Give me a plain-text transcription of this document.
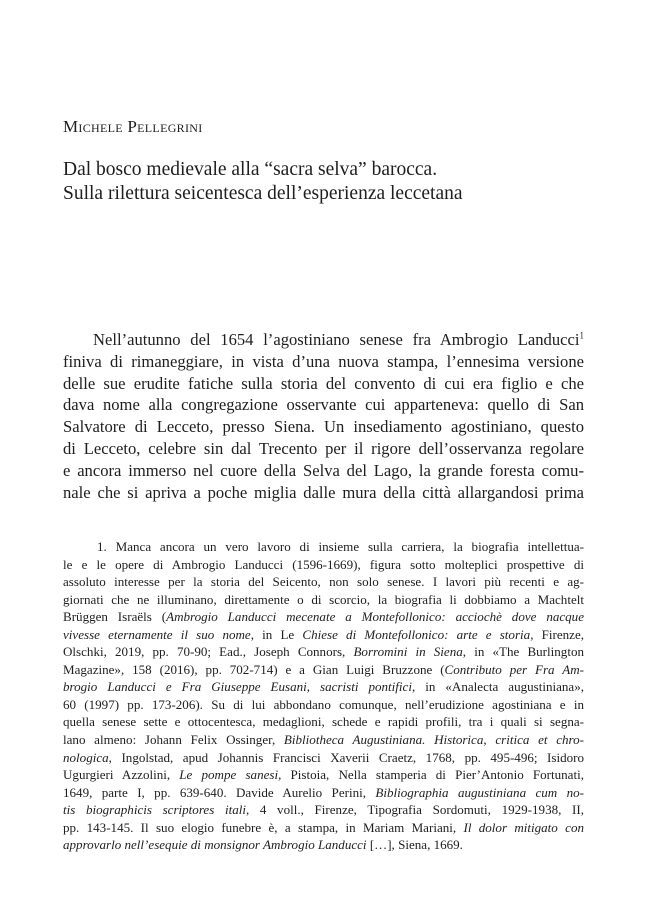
Michele Pellegrini
Dal bosco medievale alla “sacra selva” barocca.
Sulla rilettura seicentesca dell’esperienza leccetana
Nell’autunno del 1654 l’agostiniano senese fra Ambrogio Landucci$^1$
finiva di rimaneggiare, in vista d’una nuova stampa, l’ennesima versione
delle sue erudite fatiche sulla storia del convento di cui era figlio e che
dava nome alla congregazione osservante cui apparteneva: quello di San
Salvatore di Lecceto, presso Siena. Un insediamento agostiniano, questo
di Lecceto, celebre sin dal Trecento per il rigore dell’osservanza regolare
e ancora immerso nel cuore della Selva del Lago, la grande foresta comu-
nale che si apriva a poche miglia dalle mura della città allargandosi prima
1. Manca ancora un vero lavoro di insieme sulla carriera, la biografia intellettua-
le e le opere di Ambrogio Landucci (1596-1669), figura sotto molteplici prospettive di
assoluto interesse per la storia del Seicento, non solo senese. I lavori più recenti e ag-
giornati che ne illuminano, direttamente o di scorcio, la biografia li dobbiamo a Machtelt
Brüggen Israëls (Ambrogio Landucci mecenate a Montefollonico: acciochè dove nacque
vivesse eternamente il suo nome, in Le Chiese di Montefollonico: arte e storia, Firenze,
Olschki, 2019, pp. 70-90; Ead., Joseph Connors, Borromini in Siena, in «The Burlington
Magazine», 158 (2016), pp. 702-714) e a Gian Luigi Bruzzone (Contributo per Fra Am-
brogio Landucci e Fra Giuseppe Eusani, sacristi pontifici, in «Analecta augustiniana»,
60 (1997) pp. 173-206). Su di lui abbondano comunque, nell’erudizione agostiniana e in
quella senese sette e ottocentesca, medaglioni, schede e rapidi profili, tra i quali si segna-
lano almeno: Johann Felix Ossinger, Bibliotheca Augustiniana. Historica, critica et chro-
nologica, Ingolstad, apud Johannis Francisci Xaverii Craetz, 1768, pp. 495-496; Isidoro
Ugurgieri Azzolini, Le pompe sanesi, Pistoia, Nella stamperia di Pier’Antonio Fortunati,
1649, parte I, pp. 639-640. Davide Aurelio Perini, Bibliographia augustiniana cum no-
tis biographicis scriptores itali, 4 voll., Firenze, Tipografia Sordomuti, 1929-1938, II,
pp. 143-145. Il suo elogio funebre è, a stampa, in Mariam Mariani, Il dolor mitigato con
approvarlo nell’esequie di monsignor Ambrogio Landucci […], Siena, 1669.
